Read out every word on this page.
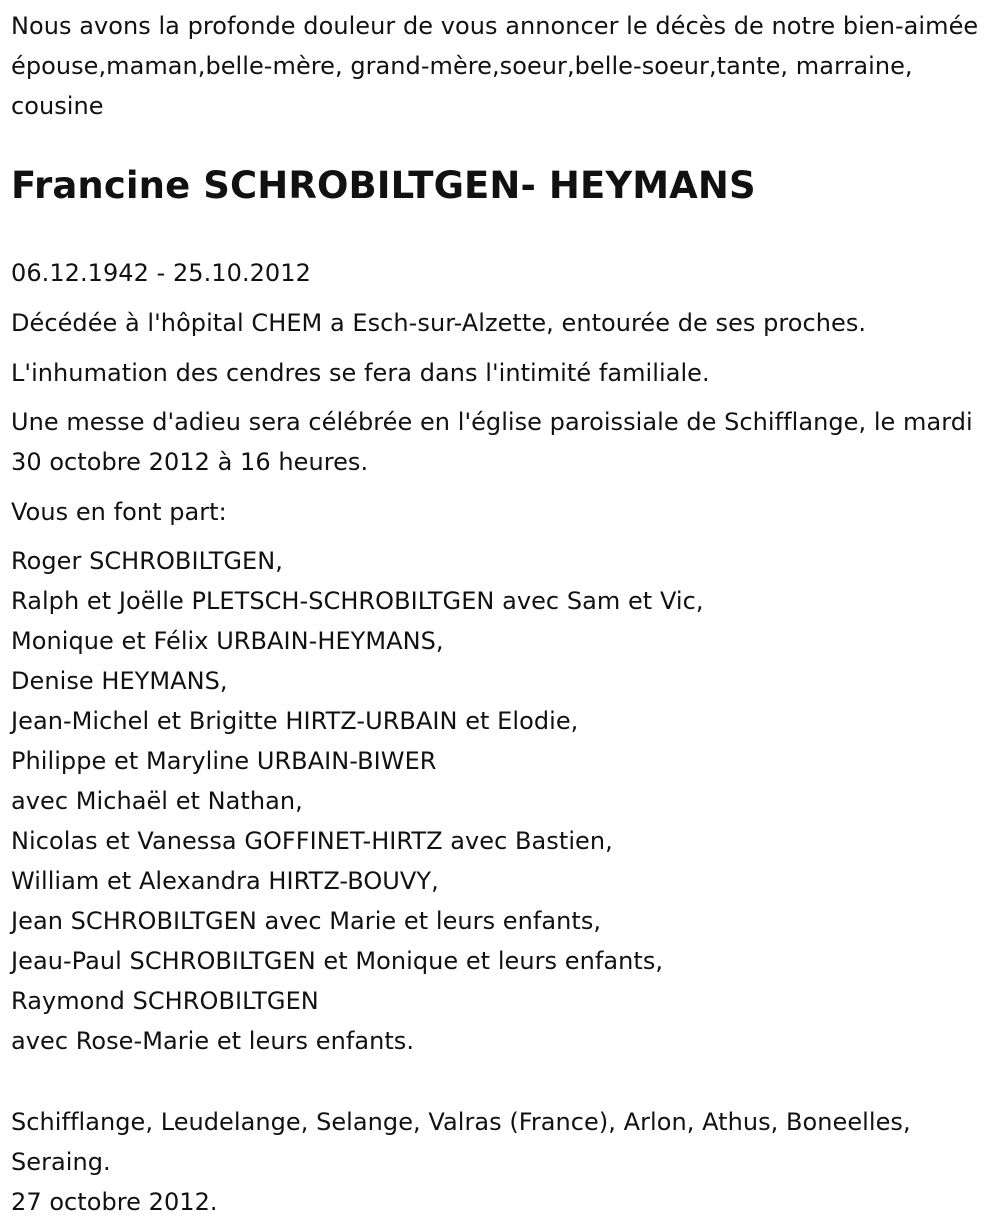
Nous avons la profonde douleur de vous annoncer le décès de notre bien-aimée épouse,maman,belle-mère, grand-mère,soeur,belle-soeur,tante, marraine, cousine

Francine SCHROBILTGEN- HEYMANS

06.12.1942 - 25.10.2012

Décédée à l'hôpital CHEM a Esch-sur-Alzette, entourée de ses proches.

L'inhumation des cendres se fera dans l'intimité familiale.

Une messe d'adieu sera célébrée en l'église paroissiale de Schifflange, le mardi 30 octobre 2012 à 16 heures.

Vous en font part:

Roger SCHROBILTGEN,
Ralph et Joëlle PLETSCH-SCHROBILTGEN avec Sam et Vic,
Monique et Félix URBAIN-HEYMANS,
Denise HEYMANS,
Jean-Michel et Brigitte HIRTZ-URBAIN et Elodie,
Philippe et Maryline URBAIN-BIWER
avec Michaël et Nathan,
Nicolas et Vanessa GOFFINET-HIRTZ avec Bastien,
William et Alexandra HIRTZ-BOUVY,
Jean SCHROBILTGEN avec Marie et leurs enfants,
Jeau-Paul SCHROBILTGEN et Monique et leurs enfants,
Raymond SCHROBILTGEN
avec Rose-Marie et leurs enfants.

Schifflange, Leudelange, Selange, Valras (France), Arlon, Athus, Boneelles, Seraing.

27 octobre 2012.
